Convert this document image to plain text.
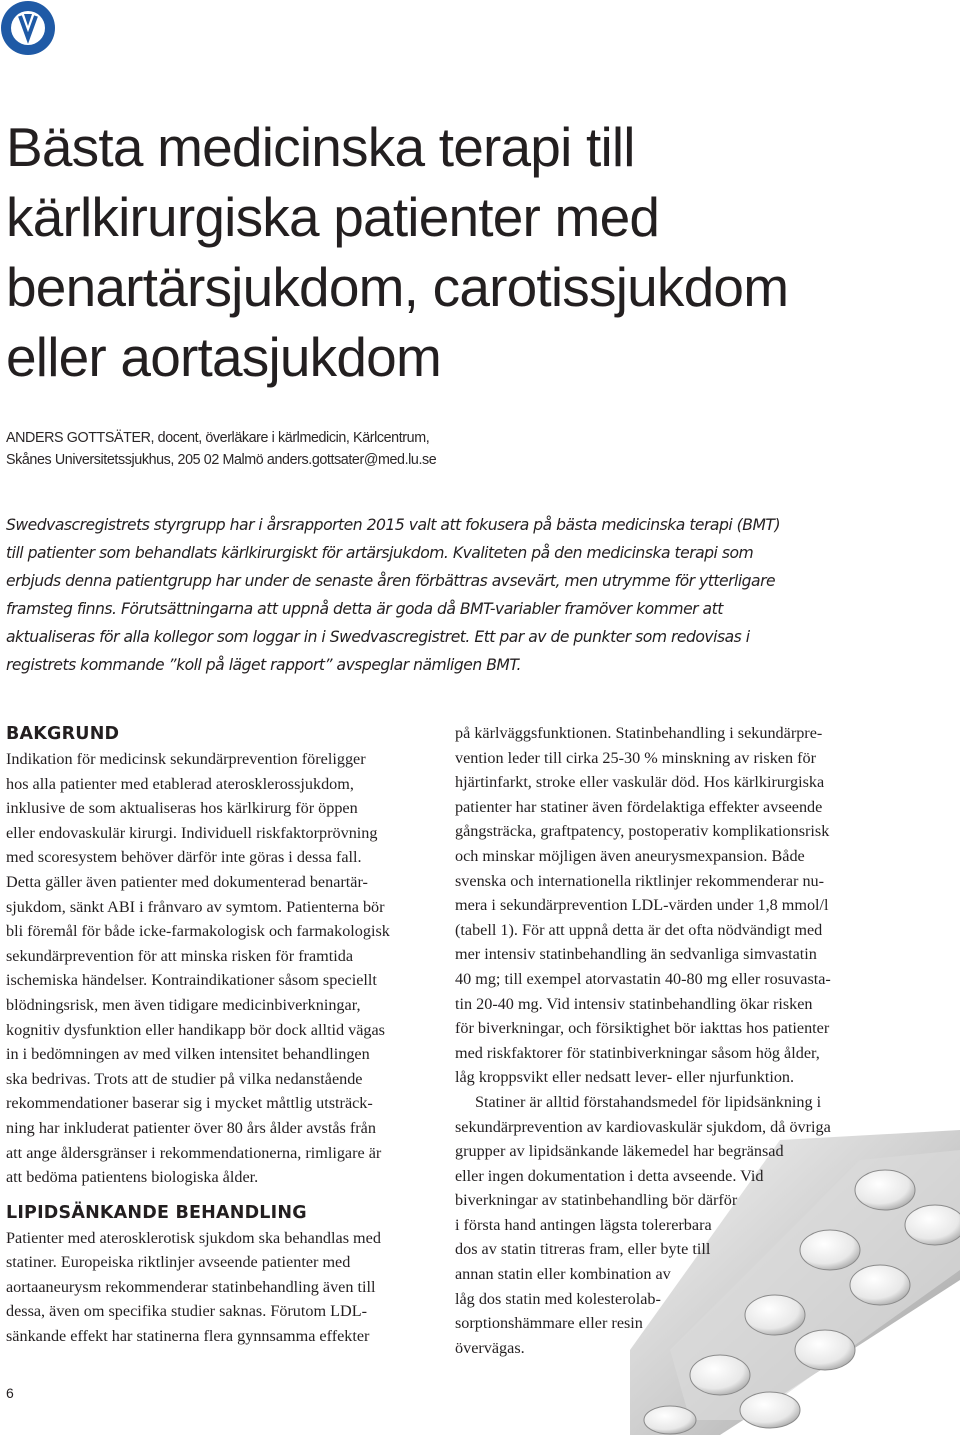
Bästa medicinska terapi till
kärlkirurgiska patienter med
benartärsjukdom, carotissjukdom
eller aortasjukdom
ANDERS GOTTSÄTER, docent, överläkare i kärlmedicin, Kärlcentrum,
Skånes Universitetssjukhus, 205 02 Malmö anders.gottsater@med.lu.se
Swedvascregistrets styrgrupp har i årsrapporten 2015 valt att fokusera på bästa medicinska terapi (BMT)
till patienter som behandlats kärlkirurgiskt för artärsjukdom. Kvaliteten på den medicinska terapi som
erbjuds denna patientgrupp har under de senaste åren förbättras avsevärt, men utrymme för ytterligare
framsteg finns. Förutsättningarna att uppnå detta är goda då BMT-variabler framöver kommer att
aktualiseras för alla kollegor som loggar in i Swedvascregistret. Ett par av de punkter som redovisas i
registrets kommande ”koll på läget rapport” avspeglar nämligen BMT.
BAKGRUND
Indikation för medicinsk sekundärprevention föreligger
hos alla patienter med etablerad aterosklerossjukdom,
inklusive de som aktualiseras hos kärlkirurg för öppen
eller endovaskulär kirurgi. Individuell riskfaktorprövning
med scoresystem behöver därför inte göras i dessa fall.
Detta gäller även patienter med dokumenterad benartär-
sjukdom, sänkt ABI i frånvaro av symtom. Patienterna bör
bli föremål för både icke-farmakologisk och farmakologisk
sekundärprevention för att minska risken för framtida
ischemiska händelser. Kontraindikationer såsom speciellt
blödningsrisk, men även tidigare medicinbiverkningar,
kognitiv dysfunktion eller handikapp bör dock alltid vägas
in i bedömningen av med vilken intensitet behandlingen
ska bedrivas. Trots att de studier på vilka nedanstående
rekommendationer baserar sig i mycket måttlig utsträck-
ning har inkluderat patienter över 80 års ålder avstås från
att ange åldersgränser i rekommendationerna, rimligare är
att bedöma patientens biologiska ålder.
LIPIDSÄNKANDE BEHANDLING
Patienter med aterosklerotisk sjukdom ska behandlas med
statiner. Europeiska riktlinjer avseende patienter med
aortaaneurysm rekommenderar statinbehandling även till
dessa, även om specifika studier saknas. Förutom LDL-
sänkande effekt har statinerna flera gynnsamma effekter
på kärlväggsfunktionen. Statinbehandling i sekundärpre-
vention leder till cirka 25-30 % minskning av risken för
hjärtinfarkt, stroke eller vaskulär död. Hos kärlkirurgiska
patienter har statiner även fördelaktiga effekter avseende
gångsträcka, graftpatency, postoperativ komplikationsrisk
och minskar möjligen även aneurysmexpansion. Både
svenska och internationella riktlinjer rekommenderar nu-
mera i sekundärprevention LDL-värden under 1,8 mmol/l
(tabell 1). För att uppnå detta är det ofta nödvändigt med
mer intensiv statinbehandling än sedvanliga simvastatin
40 mg; till exempel atorvastatin 40-80 mg eller rosuvasta-
tin 20-40 mg. Vid intensiv statinbehandling ökar risken
för biverkningar, och försiktighet bör iakttas hos patienter
med riskfaktorer för statinbiverkningar såsom hög ålder,
låg kroppsvikt eller nedsatt lever- eller njurfunktion.
Statiner är alltid förstahandsmedel för lipidsänkning i
sekundärprevention av kardiovaskulär sjukdom, då övriga
grupper av lipidsänkande läkemedel har begränsad
eller ingen dokumentation i detta avseende. Vid
biverkningar av statinbehandling bör därför
i första hand antingen lägsta tolererbara
dos av statin titreras fram, eller byte till
annan statin eller kombination av
låg dos statin med kolesterolab-
sorptionshämmare eller resin
övervägas.
6
